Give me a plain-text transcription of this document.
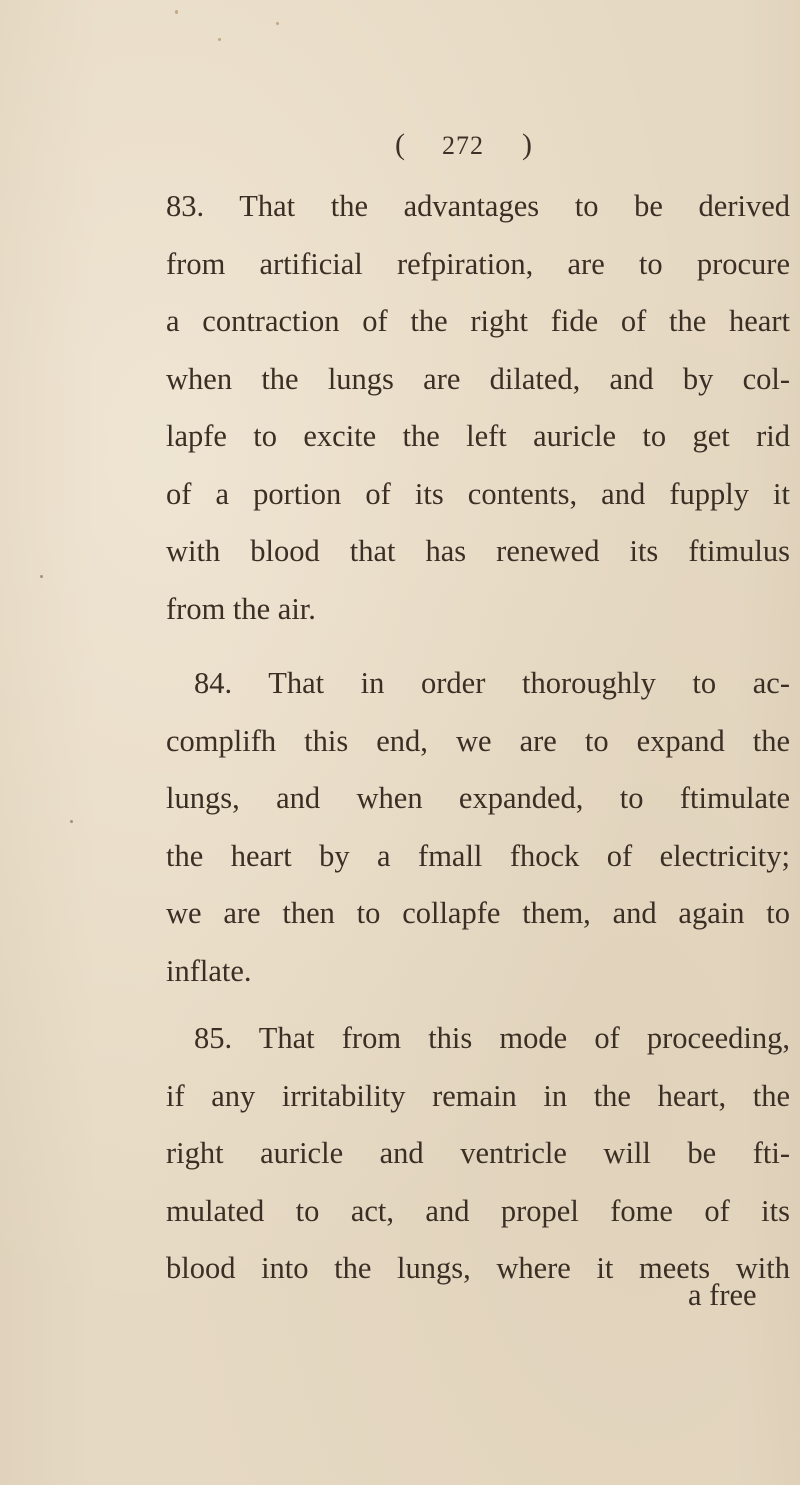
( 272 )
83. That the advantages to be derived
from artificial refpiration, are to procure
a contraction of the right fide of the heart
when the lungs are dilated, and by col-
lapfe to excite the left auricle to get rid
of a portion of its contents, and fupply it
with blood that has renewed its ftimulus
from the air.
84. That in order thoroughly to ac-
complifh this end, we are to expand the
lungs, and when expanded, to ftimulate
the heart by a fmall fhock of electricity;
we are then to collapfe them, and again to
inflate.
85. That from this mode of proceeding,
if any irritability remain in the heart, the
right auricle and ventricle will be fti-
mulated to act, and propel fome of its
blood into the lungs, where it meets with
a free
